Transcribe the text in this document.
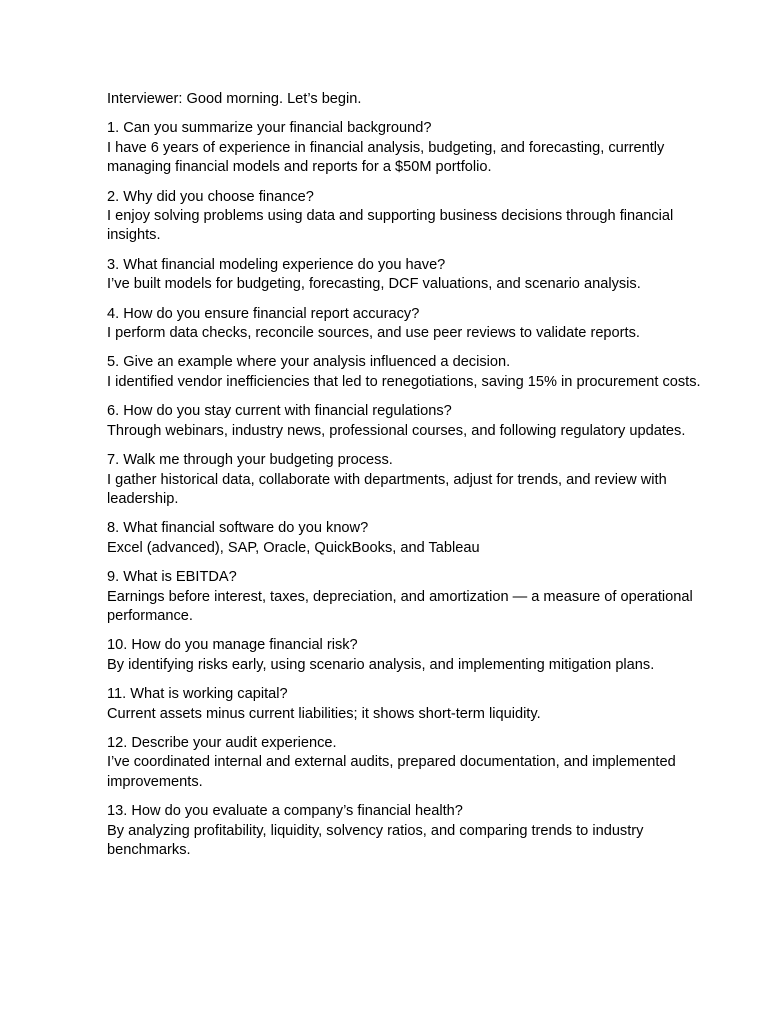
Interviewer: Good morning. Let’s begin.

1. Can you summarize your financial background?

I have 6 years of experience in financial analysis, budgeting, and forecasting, currently managing financial models and reports for a $50M portfolio.

2. Why did you choose finance?

I enjoy solving problems using data and supporting business decisions through financial insights.

3. What financial modeling experience do you have?

I’ve built models for budgeting, forecasting, DCF valuations, and scenario analysis.

4. How do you ensure financial report accuracy?

I perform data checks, reconcile sources, and use peer reviews to validate reports.

5. Give an example where your analysis influenced a decision.

I identified vendor inefficiencies that led to renegotiations, saving 15% in procurement costs.

6. How do you stay current with financial regulations?

Through webinars, industry news, professional courses, and following regulatory updates.

7. Walk me through your budgeting process.

I gather historical data, collaborate with departments, adjust for trends, and review with leadership.

8. What financial software do you know?

Excel (advanced), SAP, Oracle, QuickBooks, and Tableau

9. What is EBITDA?

Earnings before interest, taxes, depreciation, and amortization — a measure of operational performance.

10. How do you manage financial risk?

By identifying risks early, using scenario analysis, and implementing mitigation plans.

11. What is working capital?

Current assets minus current liabilities; it shows short-term liquidity.

12. Describe your audit experience.

I’ve coordinated internal and external audits, prepared documentation, and implemented improvements.

13. How do you evaluate a company’s financial health?

By analyzing profitability, liquidity, solvency ratios, and comparing trends to industry benchmarks.
